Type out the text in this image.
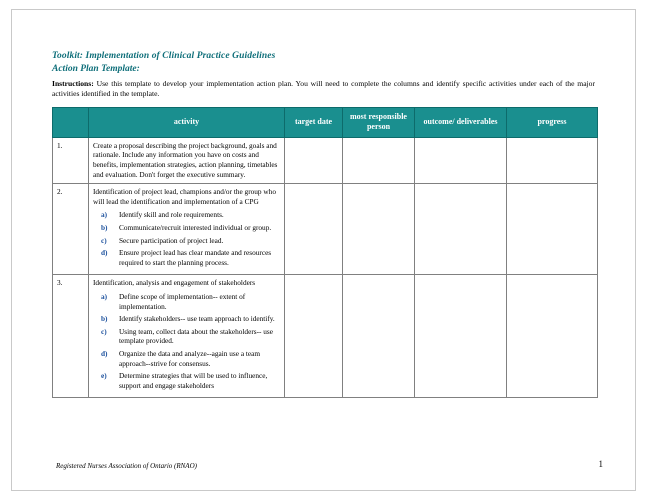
Toolkit: Implementation of Clinical Practice Guidelines
Action Plan Template:
Instructions: Use this template to develop your implementation action plan. You will need to complete the columns and identify specific activities under each of the major activities identified in the template.
	activity	target date	most responsible person	outcome/ deliverables	progress
1.	Create a proposal describing the project background, goals and rationale. Include any information you have on costs and benefits, implementation strategies, action planning, timetables and evaluation. Don't forget the executive summary.				

2.	Identification of project lead, champions and/or the group who will lead the identification and implementation of a CPG

a) Identify skill and role requirements.
b) Communicate/recruit interested individual or group.
c) Secure participation of project lead.
d) Ensure project lead has clear mandate and resources required to start the planning process.

3.	Identification, analysis and engagement of stakeholders

a) Define scope of implementation-- extent of implementation.
b) Identify stakeholders-- use team approach to identify.
c) Using team, collect data about the stakeholders-- use template provided.
d) Organize the data and analyze--again use a team approach--strive for consensus.
e) Determine strategies that will be used to influence, support and engage stakeholders

Registered Nurses Association of Ontario (RNAO)	1
